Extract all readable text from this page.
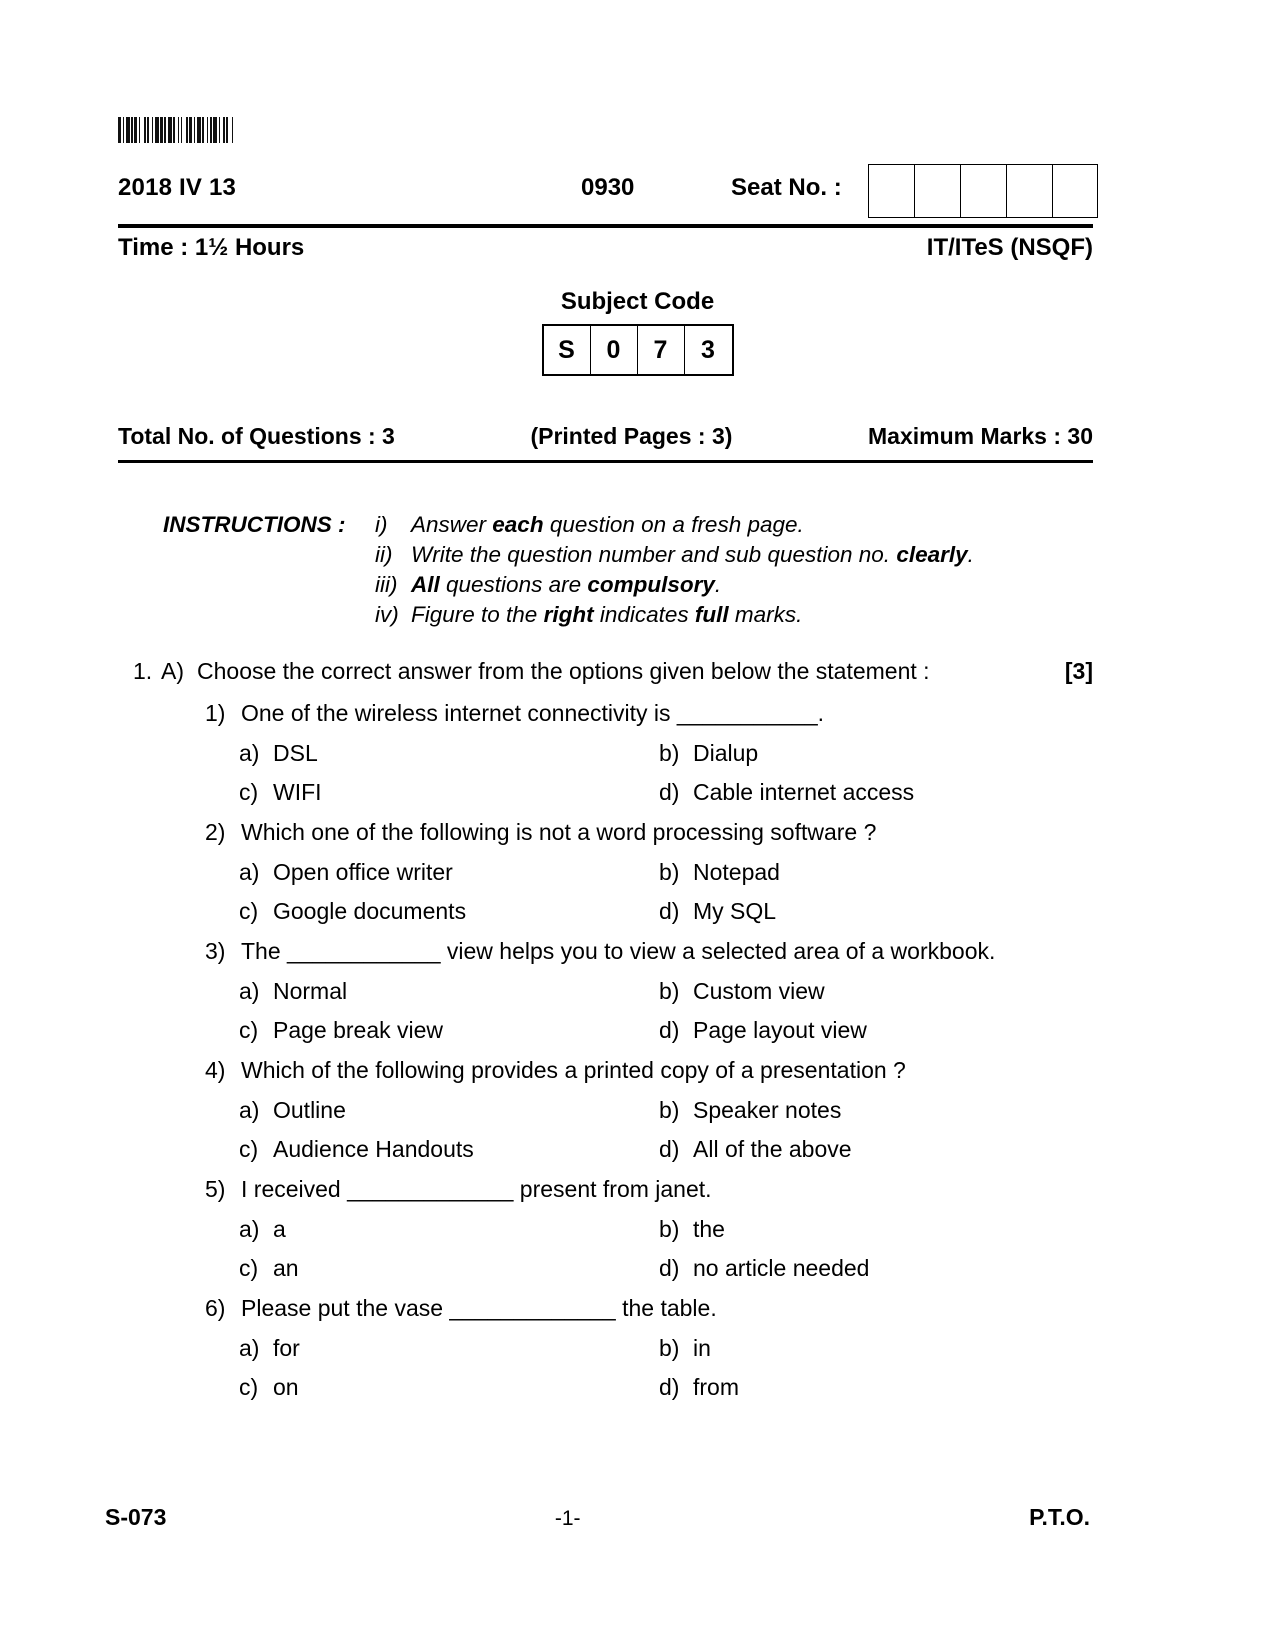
2018 IV 13	0930	Seat No. :
Time : 1½ Hours	IT/ITeS (NSQF)
Subject Code
S	0	7	3
Total No. of Questions : 3	(Printed Pages : 3)	Maximum Marks : 30
INSTRUCTIONS : i)	Answer each question on a fresh page.
ii) Write the question number and sub question no. clearly.
iii) All questions are compulsory.
iv) Figure to the right indicates full marks.
1. A) Choose the correct answer from the options given below the statement :	[3]
1) One of the wireless internet connectivity is ___________.
a) DSL	b) Dialup
c) WIFI	d) Cable internet access
2) Which one of the following is not a word processing software ?
a) Open office writer	b) Notepad
c) Google documents	d) My SQL
3) The ____________ view helps you to view a selected area of a workbook.
a) Normal	b) Custom view
c) Page break view	d) Page layout view
4) Which of the following provides a printed copy of a presentation ?
a) Outline	b) Speaker notes
c) Audience Handouts	d) All of the above
5) I received _____________ present from janet.
a) a	b) the
c) an	d) no article needed
6) Please put the vase _____________ the table.
a) for	b) in
c) on	d) from
S-073	-1-	P.T.O.
